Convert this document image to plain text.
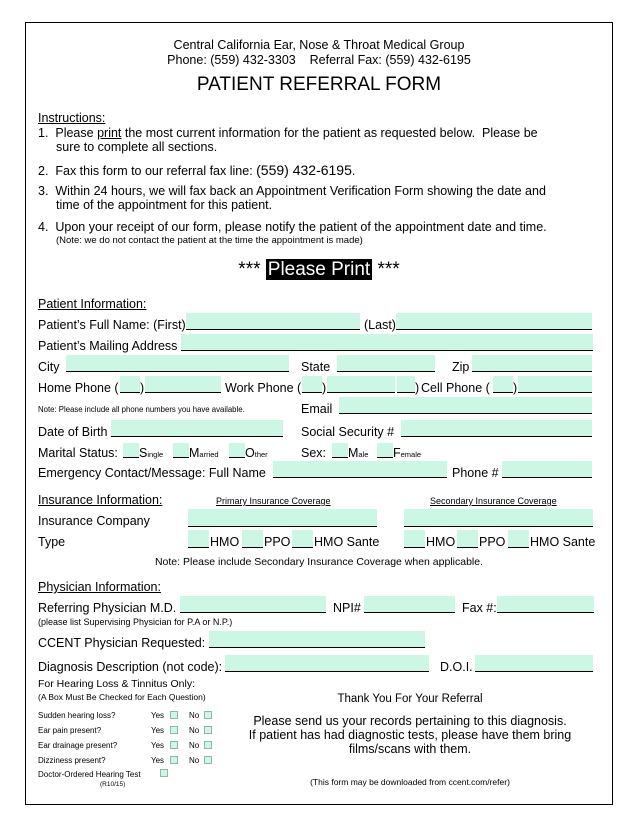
Central California Ear, Nose & Throat Medical Group
Phone: (559) 432-3303    Referral Fax: (559) 432-6195
PATIENT REFERRAL FORM
Instructions:
1.  Please print the most current information for the patient as requested below.  Please be
sure to complete all sections.
2.  Fax this form to our referral fax line: (559) 432-6195.
3.  Within 24 hours, we will fax back an Appointment Verification Form showing the date and
time of the appointment for this patient.
4.  Upon your receipt of our form, please notify the patient of the appointment date and time.
(Note: we do not contact the patient at the time the appointment is made)
*** Please Print ***
Patient Information:
Patient’s Full Name: (First)	(Last)
Patient’s Mailing Address
City	State	Zip
Home Phone ( )	Work Phone ( )	) Cell Phone ( )
Note: Please include all phone numbers you have available.	Email
Date of Birth	Social Security #
Marital Status: Single Married Other	Sex: Male Female
Emergency Contact/Message: Full Name	Phone #
Insurance Information:	Primary Insurance Coverage	Secondary Insurance Coverage
Insurance Company
Type	HMO PPO HMO Sante	HMO PPO HMO Sante
Note: Please include Secondary Insurance Coverage when applicable.
Physician Information:
Referring Physician M.D.	NPI#	Fax #:
(please list Supervising Physician for P.A or N.P.)
CCENT Physician Requested:
Diagnosis Description (not code):	D.O.I.
For Hearing Loss & Tinnitus Only:
(A Box Must Be Checked for Each Question)
Sudden hearing loss?	Yes	No
Ear pain present?	Yes	No
Ear drainage present?	Yes	No
Dizziness present?	Yes	No
Doctor-Ordered Hearing Test
(R10/15)
Thank You For Your Referral
Please send us your records pertaining to this diagnosis.
If patient has had diagnostic tests, please have them bring
films/scans with them.
(This form may be downloaded from ccent.com/refer)
